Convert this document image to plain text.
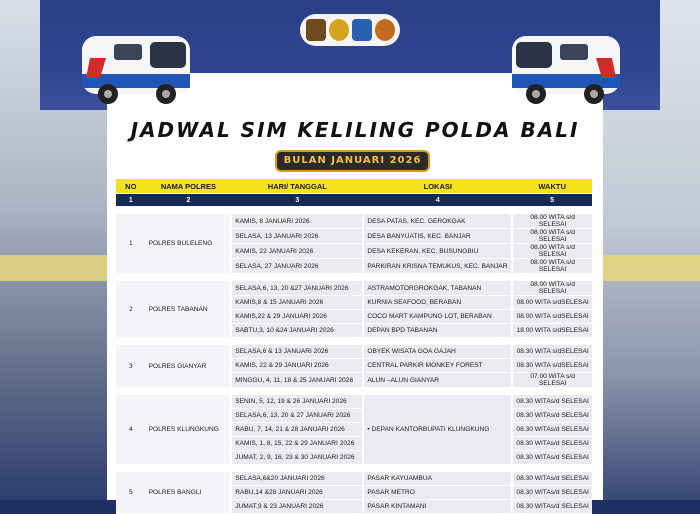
JADWAL SIM KELILING POLDA BALI
BULAN JANUARI 2026
NO	NAMA POLRES	HARI/ TANGGAL	LOKASI	WAKTU
1	2	3	4	5

1	POLRES BULELENG	KAMIS, 8 JANUARI 2026	DESA PATAS, KEC. GEROKGAK	08.00 WITA s/d SELESAI
		SELASA, 13 JANUARI 2026	DESA BANYUATIS, KEC. BANJAR	08.00 WITA s/d SELESAI
		KAMIS, 22 JANUARI 2026	DESA KEKERAN, KEC. BUSUNGBIU	08.00 WITA s/d SELESAI
		SELASA, 27 JANUARI 2026	PARKIRAN KRISNA TEMUKUS, KEC. BANJAR	08.00 WITA s/d SELESAI

2	POLRES TABANAN	SELASA,6, 13, 20 &27 JANUARI 2026	ASTRAMOTORGROKGAK, TABANAN	08.00 WITA s/d SELESAI
		KAMIS,8 & 15 JANUARI 2026	KURNIA SEAFOOD, BERABAN	08.00 WITA s/dSELESAI
		KAMIS,22 & 29 JANUARI 2026	COCO MART KAMPUNG LOT, BERABAN	08.00 WITA s/dSELESAI
		SABTU,3, 10 &24 JANUARI 2026	DEPAN BPD TABANAN	18.00 WITA s/dSELESAI

3	POLRES GIANYAR	SELASA,6 & 13 JANUARI 2026	OBYEK WISATA GOA GAJAH	08.30 WITA s/dSELESAI
		KAMIS, 22 & 29 JANUARI 2026	CENTRAL PARKIR MONKEY FOREST	08.30 WITA s/dSELESAI
		MINGGU, 4, 11, 18 & 25 JANUARI 2026	ALUN –ALUN GIANYAR	07.00 WITA s/d SELESAI

4	POLRES KLUNGKUNG	SENIN, 5, 12, 19 & 26 JANUARI 2026	• DEPAN KANTORBUPATI KLUNGKUNG	08.30 WITAs/d SELESAI
		SELASA,6, 13, 20 & 27 JANUARI 2026		08.30 WITAs/d SELESAI
		RABU, 7, 14, 21 & 28 JANUARI 2026		08.30 WITAs/d SELESAI
		KAMIS, 1, 8, 15, 22 & 29 JANUARI 2026		08.30 WITAs/d SELESAI
		JUMAT, 2, 9, 16, 23 & 30 JANUARI 2026		08.30 WITAs/d SELESAI

5	POLRES BANGLI	SELASA,6&20 JANUARI 2026	PASAR KAYUAMBUA	08.30 WITAs/d SELESAI
		RABU,14 &28 JANUARI 2026	PASAR METRO	08.30 WITAs/d SELESAI
		JUMAT,9 & 23 JANUARI 2026	PASAR KINTAMANI	08.30 WITAs/d SELESAI
